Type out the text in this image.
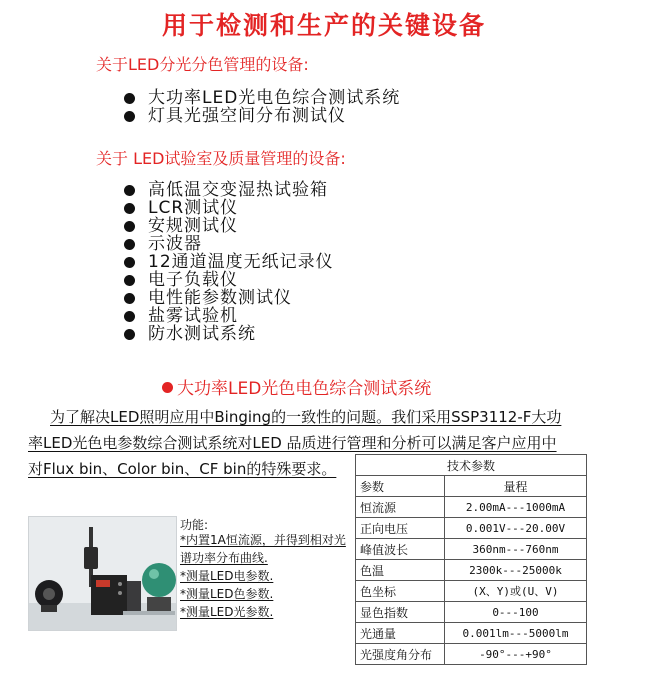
用于检测和生产的关键设备
关于LED分光分色管理的设备:
大功率LED光电色综合测试系统
灯具光强空间分布测试仪
关于 LED试验室及质量管理的设备:
高低温交变湿热试验箱
LCR测试仪
安规测试仪
示波器
12通道温度无纸记录仪
电子负载仪
电性能参数测试仪
盐雾试验机
防水测试系统
大功率LED光色电色综合测试系统
为了解决LED照明应用中Binging的一致性的问题。我们采用SSP3112-F大功
率LED光色电参数综合测试系统对LED 品质进行管理和分析可以满足客户应用中
对Flux bin、Color bin、CF bin的特殊要求。
功能:
*内置1A恒流源，并得到相对光
谱功率分布曲线.
*测量LED电参数.
*测量LED色参数.
*测量LED光参数.
技术参数	
参数	量程
恒流源	2.00mA---1000mA
正向电压	0.001V---20.00V
峰值波长	360nm---760nm
色温	2300k---25000k
色坐标	(X、Y)或(U、V)
显色指数	0---100
光通量	0.001lm---5000lm
光强度角分布	-90°---+90°
